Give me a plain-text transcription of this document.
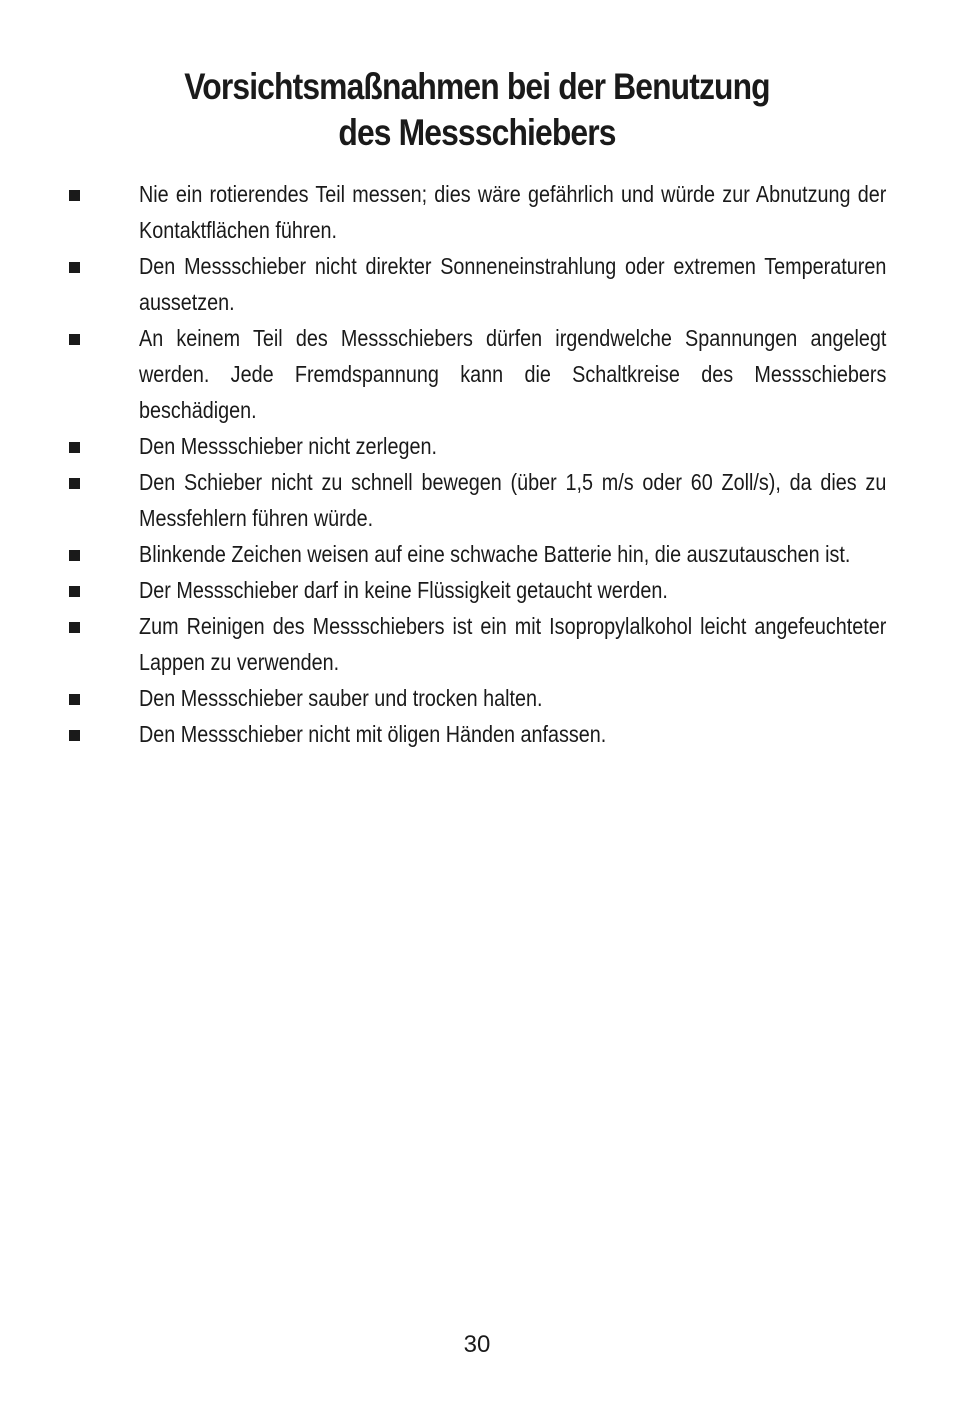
Vorsichtsmaßnahmen bei der Benutzung
des Messschiebers
Nie ein rotierendes Teil messen; dies wäre gefährlich und würde zur Abnutzung der Kontaktflächen führen.
Den Messschieber nicht direkter Sonneneinstrahlung oder extremen Temperaturen aussetzen.
An keinem Teil des Messschiebers dürfen irgendwelche Spannungen angelegt werden. Jede Fremdspannung kann die Schaltkreise des Messschiebers beschädigen.
Den Messschieber nicht zerlegen.
Den Schieber nicht zu schnell bewegen (über 1,5 m/s oder 60 Zoll/s), da dies zu Messfehlern führen würde.
Blinkende Zeichen weisen auf eine schwache Batterie hin, die auszutauschen ist.
Der Messschieber darf in keine Flüssigkeit getaucht werden.
Zum Reinigen des Messschiebers ist ein mit Isopropylalkohol leicht angefeuchteter Lappen zu verwenden.
Den Messschieber sauber und trocken halten.
Den Messschieber nicht mit öligen Händen anfassen.
30
